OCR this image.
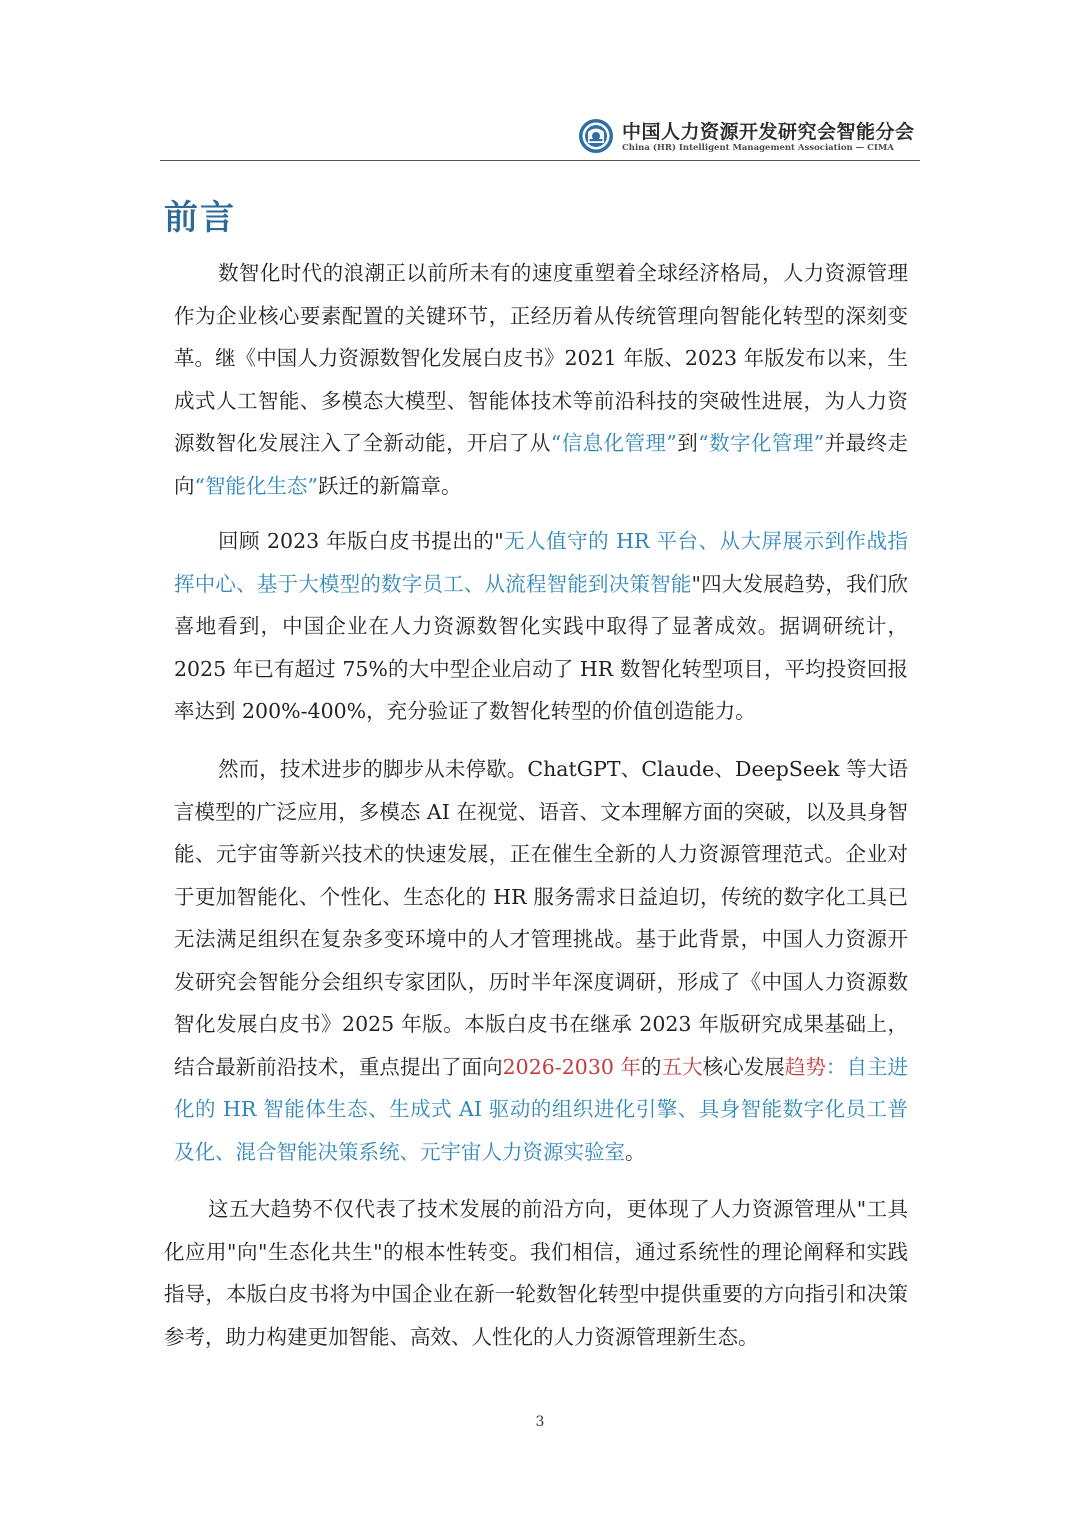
中国人力资源开发研究会智能分会
China (HR) Intelligent Management Association — CIMA
前言

数智化时代的浪潮正以前所未有的速度重塑着全球经济格局，人力资源管理作为企业核心要素配置的关键环节，正经历着从传统管理向智能化转型的深刻变革。继《中国人力资源数智化发展白皮书》2021 年版、2023 年版发布以来，生成式人工智能、多模态大模型、智能体技术等前沿科技的突破性进展，为人力资源数智化发展注入了全新动能，开启了从“信息化管理”到“数字化管理”并最终走向“智能化生态”跃迁的新篇章。

回顾 2023 年版白皮书提出的"无人值守的 HR 平台、从大屏展示到作战指挥中心、基于大模型的数字员工、从流程智能到决策智能"四大发展趋势，我们欣喜地看到，中国企业在人力资源数智化实践中取得了显著成效。据调研统计，2025 年已有超过 75%的大中型企业启动了 HR 数智化转型项目，平均投资回报率达到 200%-400%，充分验证了数智化转型的价值创造能力。

然而，技术进步的脚步从未停歇。ChatGPT、Claude、DeepSeek 等大语言模型的广泛应用，多模态 AI 在视觉、语音、文本理解方面的突破，以及具身智能、元宇宙等新兴技术的快速发展，正在催生全新的人力资源管理范式。企业对于更加智能化、个性化、生态化的 HR 服务需求日益迫切，传统的数字化工具已无法满足组织在复杂多变环境中的人才管理挑战。基于此背景，中国人力资源开发研究会智能分会组织专家团队，历时半年深度调研，形成了《中国人力资源数智化发展白皮书》2025 年版。本版白皮书在继承 2023 年版研究成果基础上，结合最新前沿技术，重点提出了面向2026-2030 年的五大核心发展趋势：自主进化的 HR 智能体生态、生成式 AI 驱动的组织进化引擎、具身智能数字化员工普及化、混合智能决策系统、元宇宙人力资源实验室。

这五大趋势不仅代表了技术发展的前沿方向，更体现了人力资源管理从"工具化应用"向"生态化共生"的根本性转变。我们相信，通过系统性的理论阐释和实践指导，本版白皮书将为中国企业在新一轮数智化转型中提供重要的方向指引和决策参考，助力构建更加智能、高效、人性化的人力资源管理新生态。

3
